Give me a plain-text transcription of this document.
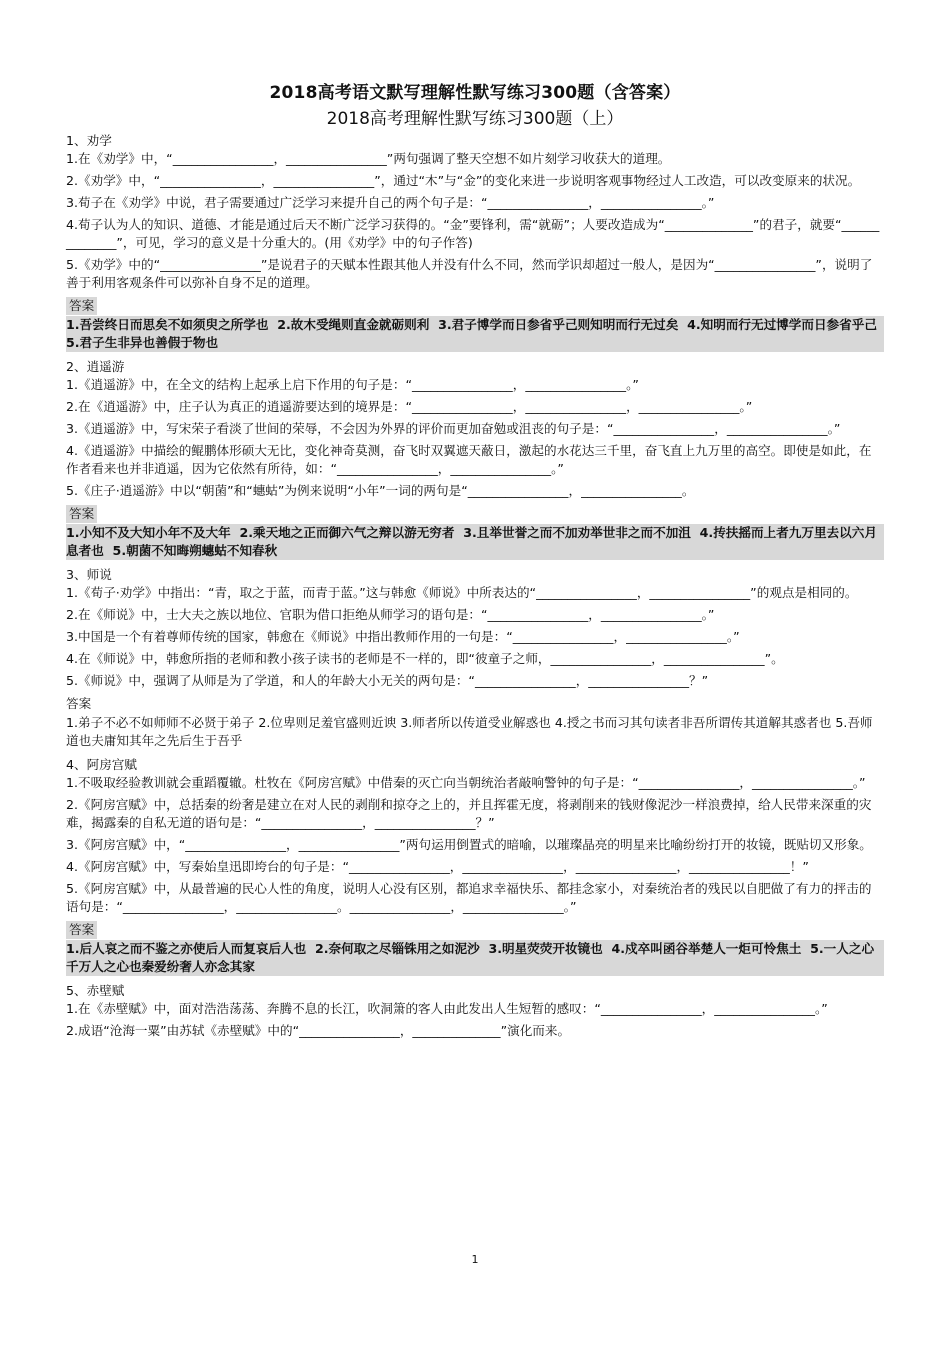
2018高考语文默写理解性默写练习300题（含答案）
2018高考理解性默写练习300题（上）
1、劝学
1.在《劝学》中，“________________，________________”两句强调了整天空想不如片刻学习收获大的道理。
2.《劝学》中，“________________，________________”，通过“木”与“金”的变化来进一步说明客观事物经过人工改造，可以改变原来的状况。
3.荀子在《劝学》中说，君子需要通过广泛学习来提升自己的两个句子是：“________________，________________。”
4.荀子认为人的知识、道德、才能是通过后天不断广泛学习获得的。“金”要锋利，需“就砺”；人要改造成为“______________”的君子，就要“______________”，可见，学习的意义是十分重大的。(用《劝学》中的句子作答)
5.《劝学》中的“________________”是说君子的天赋本性跟其他人并没有什么不同，然而学识却超过一般人，是因为“________________”，说明了善于利用客观条件可以弥补自身不足的道理。
答案
1.吾尝终日而思矣不如须臾之所学也  2.故木受绳则直金就砺则利  3.君子博学而日参省乎己则知明而行无过矣  4.知明而行无过博学而日参省乎己  5.君子生非异也善假于物也
2、逍遥游
1.《逍遥游》中，在全文的结构上起承上启下作用的句子是：“________________，________________。”
2.在《逍遥游》中，庄子认为真正的逍遥游要达到的境界是：“________________，________________，________________。”
3.《逍遥游》中，写宋荣子看淡了世间的荣辱，不会因为外界的评价而更加奋勉或沮丧的句子是：“________________，________________。”
4.《逍遥游》中描绘的鲲鹏体形硕大无比，变化神奇莫测，奋飞时双翼遮天蔽日，激起的水花达三千里，奋飞直上九万里的高空。即使是如此，在作者看来也并非逍遥，因为它依然有所待，如：“________________，________________。”
5.《庄子·逍遥游》中以“朝菌”和“蟪蛄”为例来说明“小年”一词的两句是“________________，________________。
答案
1.小知不及大知小年不及大年  2.乘天地之正而御六气之辩以游无穷者  3.且举世誉之而不加劝举世非之而不加沮  4.抟扶摇而上者九万里去以六月息者也  5.朝菌不知晦朔蟪蛄不知春秋
3、师说
1.《荀子·劝学》中指出：“青，取之于蓝，而青于蓝。”这与韩愈《师说》中所表达的“________________，________________”的观点是相同的。
2.在《师说》中，士大夫之族以地位、官职为借口拒绝从师学习的语句是：“________________，________________。”
3.中国是一个有着尊师传统的国家，韩愈在《师说》中指出教师作用的一句是：“________________，________________。”
4.在《师说》中，韩愈所指的老师和教小孩子读书的老师是不一样的，即“彼童子之师，________________，________________”。
5.《师说》中，强调了从师是为了学道，和人的年龄大小无关的两句是：“________________，________________？”
答案
1.弟子不必不如师师不必贤于弟子 2.位卑则足羞官盛则近谀 3.师者所以传道受业解惑也 4.授之书而习其句读者非吾所谓传其道解其惑者也 5.吾师道也夫庸知其年之先后生于吾乎
4、阿房宫赋
1.不吸取经验教训就会重蹈覆辙。杜牧在《阿房宫赋》中借秦的灭亡向当朝统治者敲响警钟的句子是：“________________，________________。”
2.《阿房宫赋》中，总括秦的纷奢是建立在对人民的剥削和掠夺之上的，并且挥霍无度，将剥削来的钱财像泥沙一样浪费掉，给人民带来深重的灾难，揭露秦的自私无道的语句是：“________________，________________？”
3.《阿房宫赋》中，“________________，________________”两句运用倒置式的暗喻，以璀璨晶亮的明星来比喻纷纷打开的妆镜，既贴切又形象。
4.《阿房宫赋》中，写秦始皇迅即垮台的句子是：“________________，________________，________________，________________！”
5.《阿房宫赋》中，从最普遍的民心人性的角度，说明人心没有区别，都追求幸福快乐、都挂念家小，对秦统治者的残民以自肥做了有力的抨击的语句是：“________________，________________。________________，________________。”
答案
1.后人哀之而不鉴之亦使后人而复哀后人也  2.奈何取之尽锱铢用之如泥沙  3.明星荧荧开妆镜也  4.戍卒叫函谷举楚人一炬可怜焦土  5.一人之心千万人之心也秦爱纷奢人亦念其家
5、赤壁赋
1.在《赤壁赋》中，面对浩浩荡荡、奔腾不息的长江，吹洞箫的客人由此发出人生短暂的感叹：“________________，________________。”
2.成语“沧海一粟”由苏轼《赤壁赋》中的“________________，______________”演化而来。
1
